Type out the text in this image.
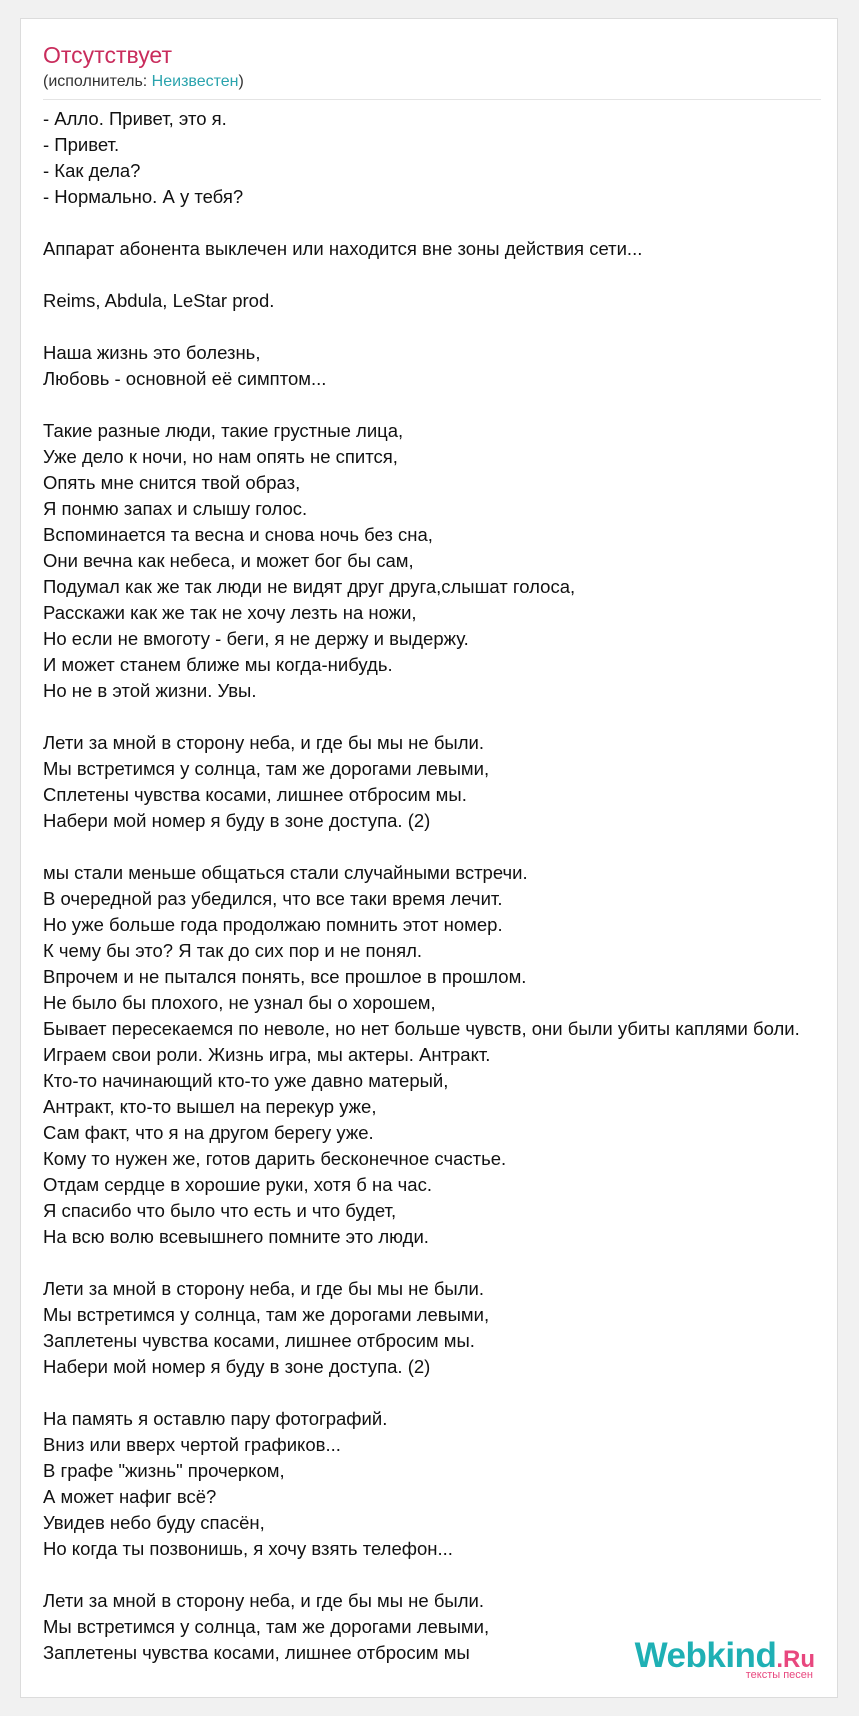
Отсутствует
(исполнитель: Неизвестен)
- Алло. Привет, это я.
- Привет.
- Как дела?
- Нормально. А у тебя?
Аппарат абонента выклечен или находится вне зоны действия сети...
Reims, Abdula, LeStar prod.
Наша жизнь это болезнь,
Любовь - основной её симптом...
Такие разные люди, такие грустные лица,
Уже дело к ночи, но нам опять не спится,
Опять мне снится твой образ,
Я понмю запах и слышу голос.
Вспоминается та весна и снова ночь без сна,
Они вечна как небеса, и может бог бы сам,
Подумал как же так люди не видят друг друга,слышат голоса,
Расскажи как же так не хочу лезть на ножи,
Но если не вмоготу - беги, я не держу и выдержу.
И может станем ближе мы когда-нибудь.
Но не в этой жизни. Увы.
Лети за мной в сторону неба, и где бы мы не были.
Мы встретимся у солнца, там же дорогами левыми,
Сплетены чувства косами, лишнее отбросим мы.
Набери мой номер я буду в зоне доступа. (2)
мы стали меньше общаться стали случайными встречи.
В очередной раз убедился, что все таки время лечит.
Но уже больше года продолжаю помнить этот номер.
К чему бы это? Я так до сих пор и не понял.
Впрочем и не пытался понять, все прошлое в прошлом.
Не было бы плохого, не узнал бы о хорошем,
Бывает пересекаемся по неволе, но нет больше чувств, они были убиты каплями боли.
Играем свои роли. Жизнь игра, мы актеры. Антракт.
Кто-то начинающий кто-то уже давно матерый,
Антракт, кто-то вышел на перекур уже,
Сам факт, что я на другом берегу уже.
Кому то нужен же, готов дарить бесконечное счастье.
Отдам сердце в хорошие руки, хотя б на час.
Я спасибо что было что есть и что будет,
На всю волю всевышнего помните это люди.
Лети за мной в сторону неба, и где бы мы не были.
Мы встретимся у солнца, там же дорогами левыми,
Заплетены чувства косами, лишнее отбросим мы.
Набери мой номер я буду в зоне доступа. (2)
На память я оставлю пару фотографий.
Вниз или вверх чертой графиков...
В графе "жизнь" прочерком,
А может нафиг всё?
Увидев небо буду спасён,
Но когда ты позвонишь, я хочу взять телефон...
Лети за мной в сторону неба, и где бы мы не были.
Мы встретимся у солнца, там же дорогами левыми,
Заплетены чувства косами, лишнее отбросим мы	Webkind.Ru
тексты песен
